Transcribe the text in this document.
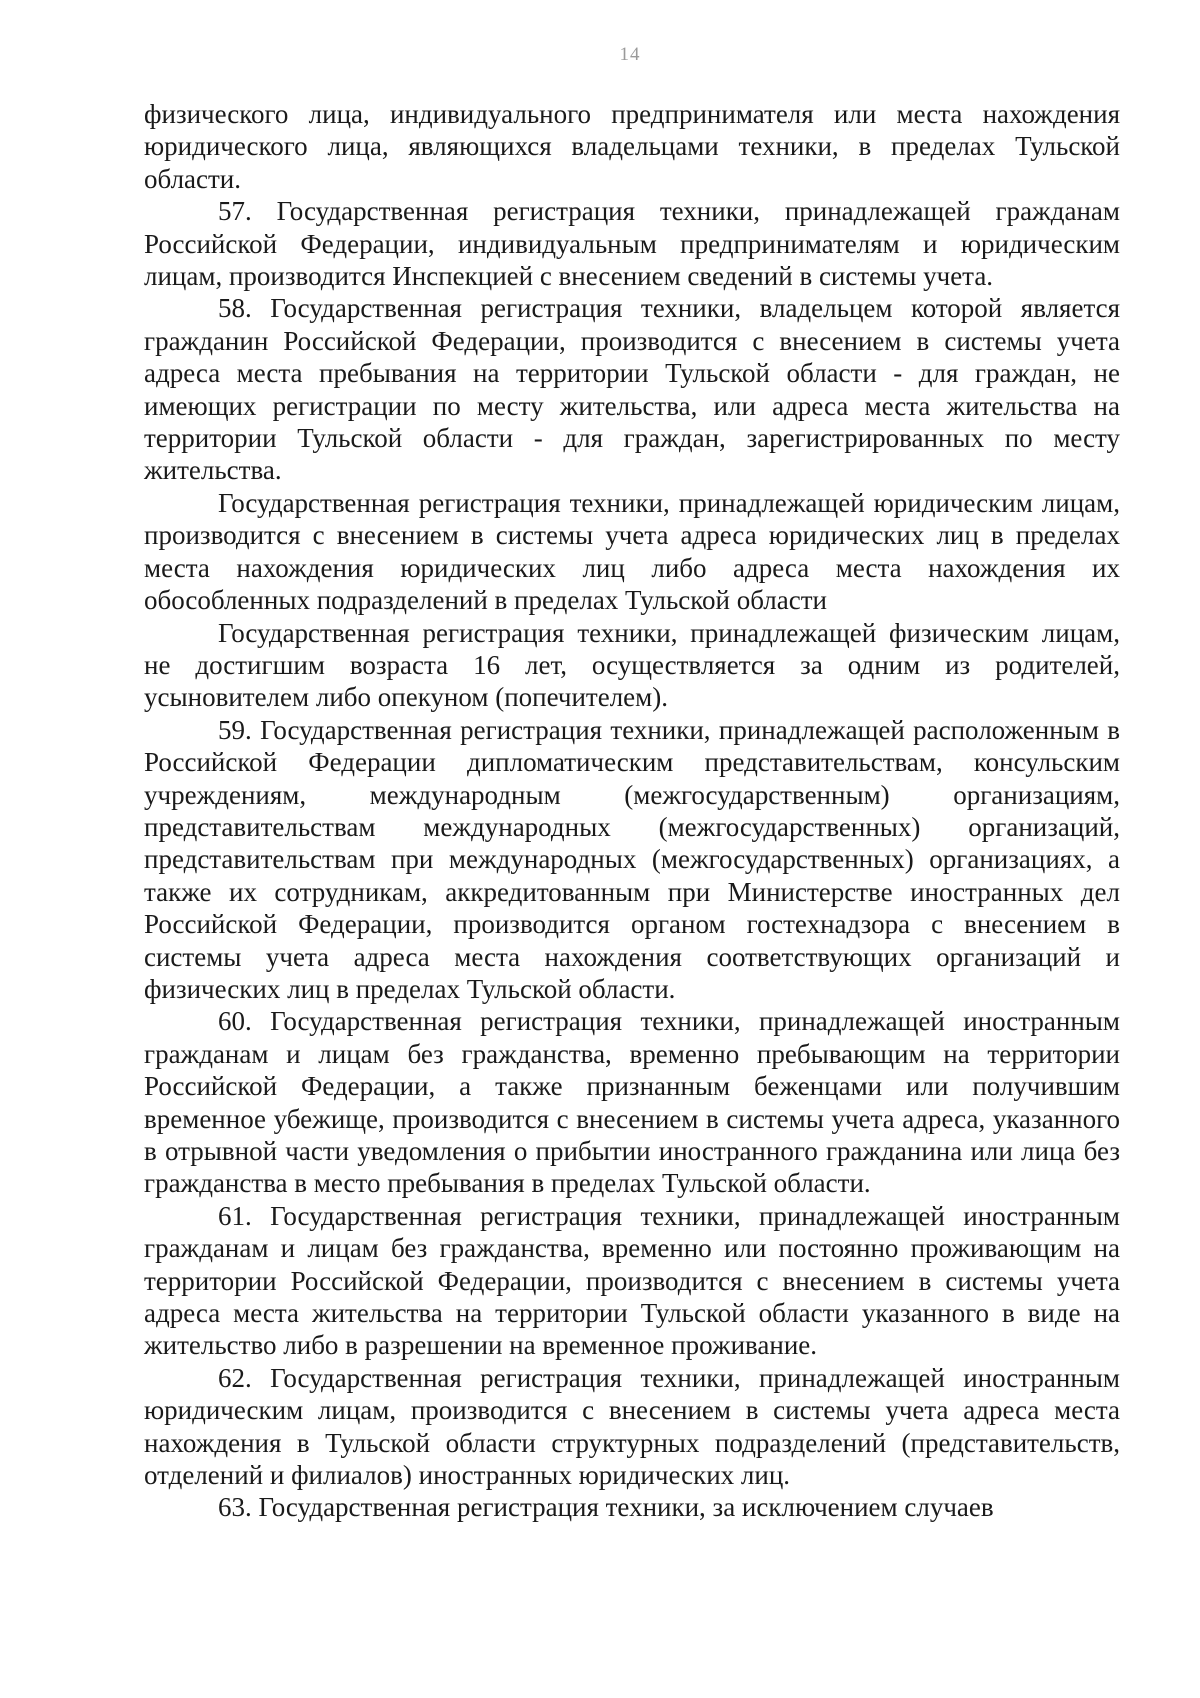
14

физического лица, индивидуального предпринимателя или места нахождения юридического лица, являющихся владельцами техники, в пределах Тульской области.

57. Государственная регистрация техники, принадлежащей гражданам Российской Федерации, индивидуальным предпринимателям и юридическим лицам, производится Инспекцией с внесением сведений в системы учета.

58. Государственная регистрация техники, владельцем которой является гражданин Российской Федерации, производится с внесением в системы учета адреса места пребывания на территории Тульской области - для граждан, не имеющих регистрации по месту жительства, или адреса места жительства на территории Тульской области - для граждан, зарегистрированных по месту жительства.

Государственная регистрация техники, принадлежащей юридическим лицам, производится с внесением в системы учета адреса юридических лиц в пределах места нахождения юридических лиц либо адреса места нахождения их обособленных подразделений в пределах Тульской области

Государственная регистрация техники, принадлежащей физическим лицам, не достигшим возраста 16 лет, осуществляется за одним из родителей, усыновителем либо опекуном (попечителем).

59. Государственная регистрация техники, принадлежащей расположенным в Российской Федерации дипломатическим представительствам, консульским учреждениям, международным (межгосударственным) организациям, представительствам международных (межгосударственных) организаций, представительствам при международных (межгосударственных) организациях, а также их сотрудникам, аккредитованным при Министерстве иностранных дел Российской Федерации, производится органом гостехнадзора с внесением в системы учета адреса места нахождения соответствующих организаций и физических лиц в пределах Тульской области.

60. Государственная регистрация техники, принадлежащей иностранным гражданам и лицам без гражданства, временно пребывающим на территории Российской Федерации, а также признанным беженцами или получившим временное убежище, производится с внесением в системы учета адреса, указанного в отрывной части уведомления о прибытии иностранного гражданина или лица без гражданства в место пребывания в пределах Тульской области.

61. Государственная регистрация техники, принадлежащей иностранным гражданам и лицам без гражданства, временно или постоянно проживающим на территории Российской Федерации, производится с внесением в системы учета адреса места жительства на территории Тульской области указанного в виде на жительство либо в разрешении на временное проживание.

62. Государственная регистрация техники, принадлежащей иностранным юридическим лицам, производится с внесением в системы учета адреса места нахождения в Тульской области структурных подразделений (представительств, отделений и филиалов) иностранных юридических лиц.

63. Государственная регистрация техники, за исключением случаев
